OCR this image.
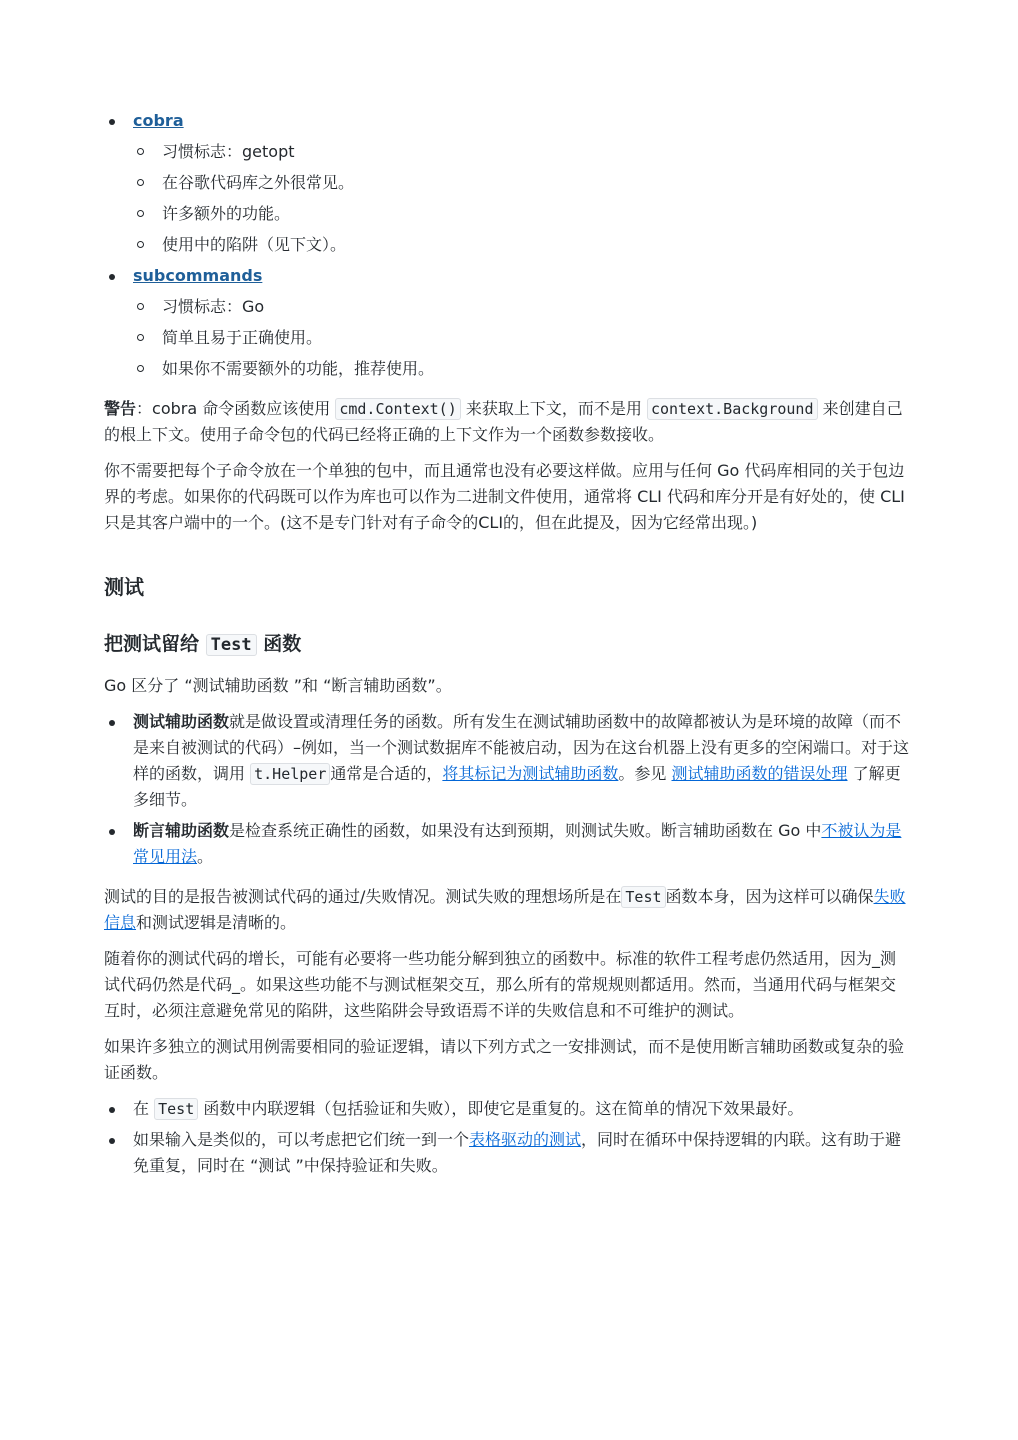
cobra
习惯标志：getopt
在谷歌代码库之外很常见。
许多额外的功能。
使用中的陷阱（见下文）。
subcommands
习惯标志：Go
简单且易于正确使用。
如果你不需要额外的功能，推荐使用。

警告：cobra 命令函数应该使用 cmd.Context() 来获取上下文，而不是用 context.Background 来创建自己的根上下文。使用子命令包的代码已经将正确的上下文作为一个函数参数接收。

你不需要把每个子命令放在一个单独的包中，而且通常也没有必要这样做。应用与任何 Go 代码库相同的关于包边界的考虑。如果你的代码既可以作为库也可以作为二进制文件使用，通常将 CLI 代码和库分开是有好处的，使 CLI 只是其客户端中的一个。(这不是专门针对有子命令的CLI的，但在此提及，因为它经常出现。)

测试
把测试留给 Test 函数

Go 区分了 “测试辅助函数 ”和 “断言辅助函数”。

测试辅助函数就是做设置或清理任务的函数。所有发生在测试辅助函数中的故障都被认为是环境的故障（而不是来自被测试的代码）–例如，当一个测试数据库不能被启动，因为在这台机器上没有更多的空闲端口。对于这样的函数，调用 t.Helper 通常是合适的，将其标记为测试辅助函数。参见 测试辅助函数的错误处理 了解更多细节。
断言辅助函数是检查系统正确性的函数，如果没有达到预期，则测试失败。断言辅助函数在 Go 中不被认为是常见用法。

测试的目的是报告被测试代码的通过/失败情况。测试失败的理想场所是在 Test 函数本身，因为这样可以确保失败信息和测试逻辑是清晰的。

随着你的测试代码的增长，可能有必要将一些功能分解到独立的函数中。标准的软件工程考虑仍然适用，因为_测试代码仍然是代码_。如果这些功能不与测试框架交互，那么所有的常规规则都适用。然而，当通用代码与框架交互时，必须注意避免常见的陷阱，这些陷阱会导致语焉不详的失败信息和不可维护的测试。

如果许多独立的测试用例需要相同的验证逻辑，请以下列方式之一安排测试，而不是使用断言辅助函数或复杂的验证函数。

在 Test 函数中内联逻辑（包括验证和失败），即使它是重复的。这在简单的情况下效果最好。
如果输入是类似的，可以考虑把它们统一到一个表格驱动的测试，同时在循环中保持逻辑的内联。这有助于避免重复，同时在 “测试 ”中保持验证和失败。
